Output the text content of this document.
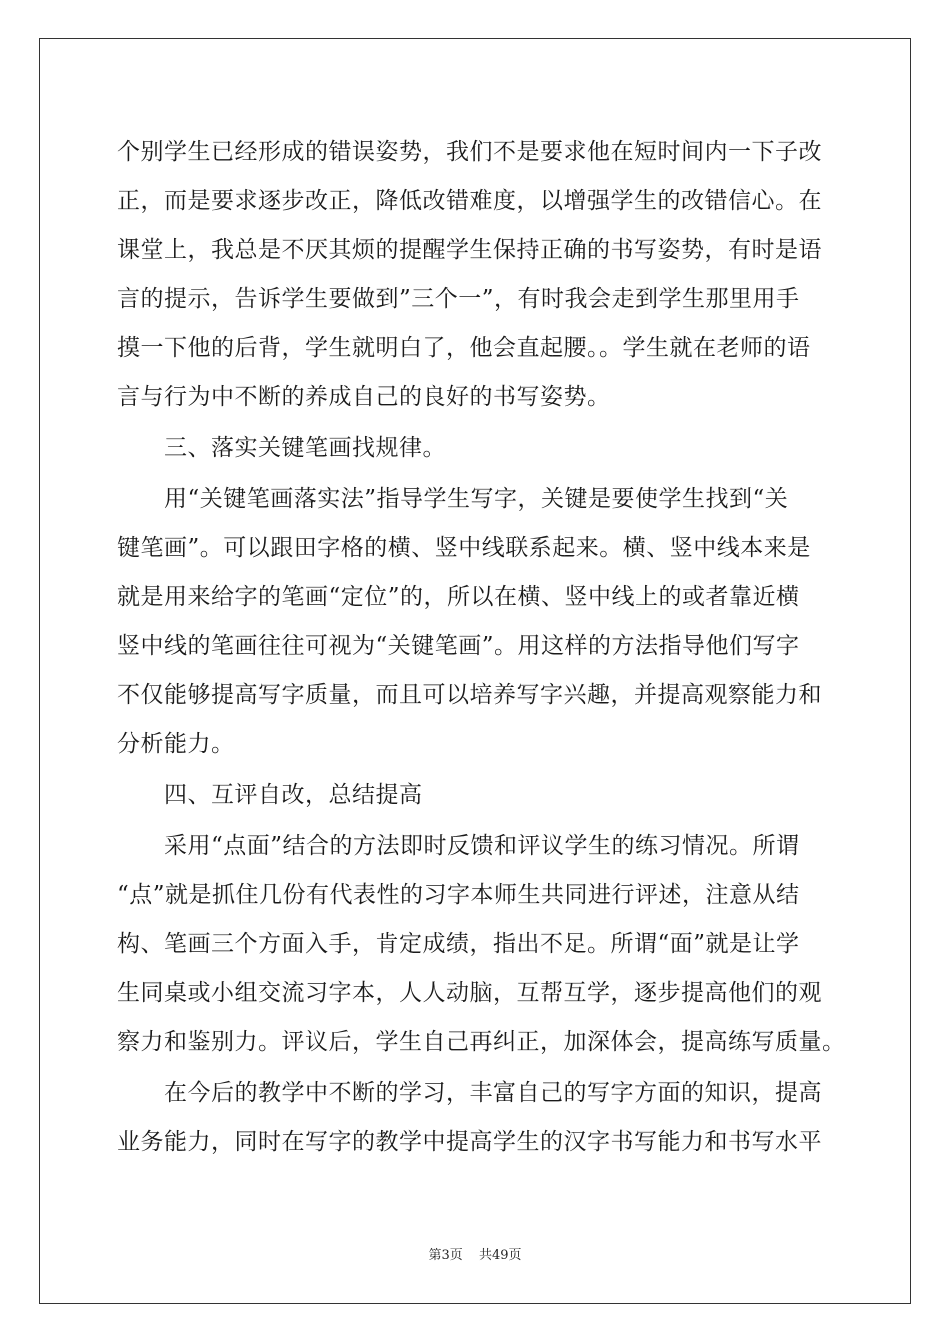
个别学生已经形成的错误姿势，我们不是要求他在短时间内一下子改
正，而是要求逐步改正，降低改错难度，以增强学生的改错信心。在
课堂上，我总是不厌其烦的提醒学生保持正确的书写姿势，有时是语
言的提示，告诉学生要做到”三个一”，有时我会走到学生那里用手
摸一下他的后背，学生就明白了，他会直起腰。。学生就在老师的语
言与行为中不断的养成自己的良好的书写姿势。
三、落实关键笔画找规律。
用“关键笔画落实法”指导学生写字，关键是要使学生找到“关
键笔画”。可以跟田字格的横、竖中线联系起来。横、竖中线本来是
就是用来给字的笔画“定位”的，所以在横、竖中线上的或者靠近横
竖中线的笔画往往可视为“关键笔画”。用这样的方法指导他们写字
不仅能够提高写字质量，而且可以培养写字兴趣，并提高观察能力和
分析能力。
四、互评自改，总结提高
采用“点面”结合的方法即时反馈和评议学生的练习情况。所谓
“点”就是抓住几份有代表性的习字本师生共同进行评述，注意从结
构、笔画三个方面入手，肯定成绩，指出不足。所谓“面”就是让学
生同桌或小组交流习字本，人人动脑，互帮互学，逐步提高他们的观
察力和鉴别力。评议后，学生自己再纠正，加深体会，提高练写质量。
在今后的教学中不断的学习，丰富自己的写字方面的知识，提高
业务能力，同时在写字的教学中提高学生的汉字书写能力和书写水平
第3页 共49页
